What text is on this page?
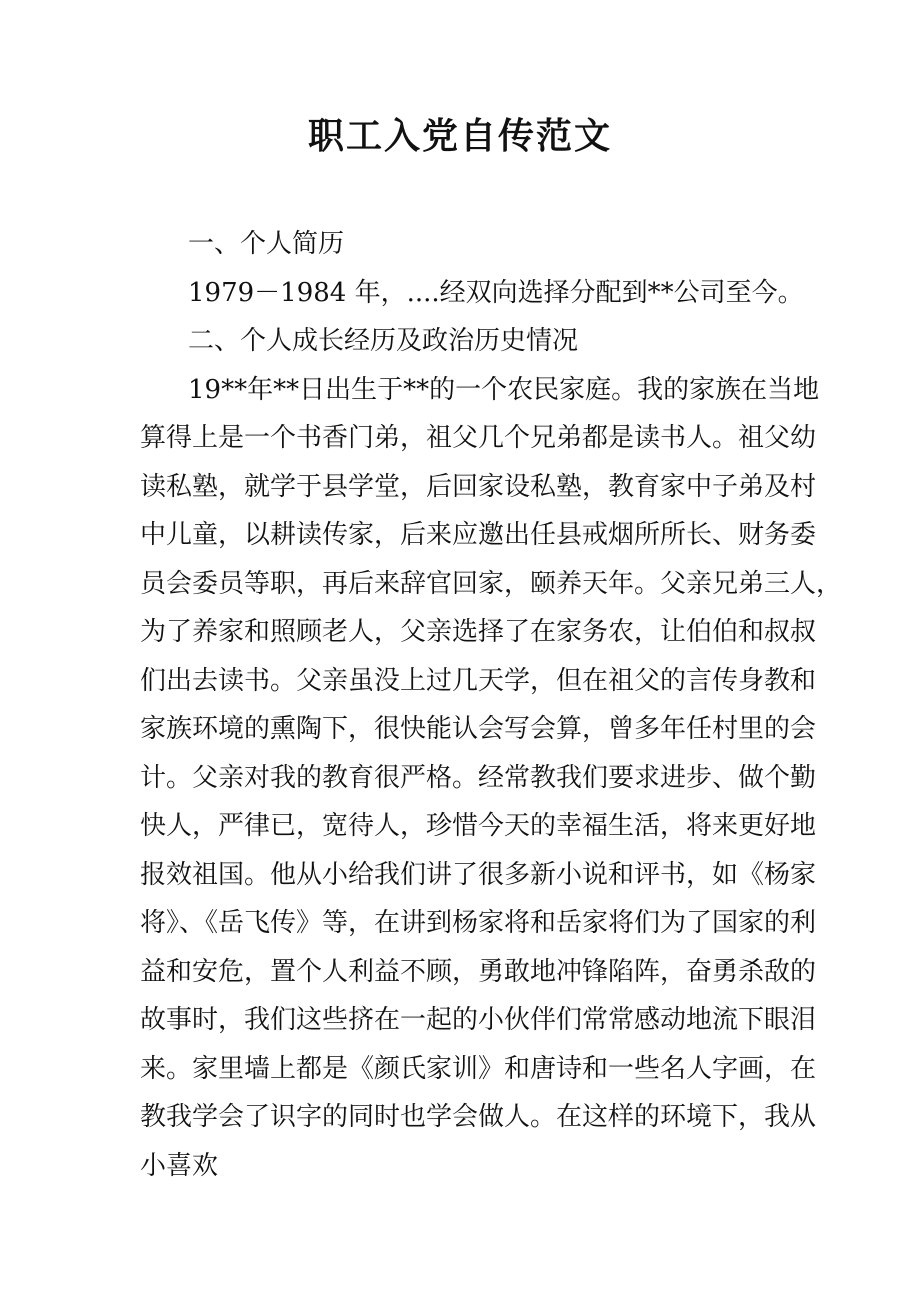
职工入党自传范文
一、个人简历
1979－1984 年，....经双向选择分配到**公司至今。
二、个人成长经历及政治历史情况
19**年**日出生于**的一个农民家庭。我的家族在当地
算得上是一个书香门弟，祖父几个兄弟都是读书人。祖父幼
读私塾，就学于县学堂，后回家设私塾，教育家中子弟及村
中儿童，以耕读传家，后来应邀出任县戒烟所所长、财务委
员会委员等职，再后来辞官回家，颐养天年。父亲兄弟三人，
为了养家和照顾老人，父亲选择了在家务农，让伯伯和叔叔
们出去读书。父亲虽没上过几天学，但在祖父的言传身教和
家族环境的熏陶下，很快能认会写会算，曾多年任村里的会
计。父亲对我的教育很严格。经常教我们要求进步、做个勤
快人，严律已，宽待人，珍惜今天的幸福生活，将来更好地
报效祖国。他从小给我们讲了很多新小说和评书，如《杨家
将》、《岳飞传》等，在讲到杨家将和岳家将们为了国家的利
益和安危，置个人利益不顾，勇敢地冲锋陷阵，奋勇杀敌的
故事时，我们这些挤在一起的小伙伴们常常感动地流下眼泪
来。家里墙上都是《颜氏家训》和唐诗和一些名人字画，在
教我学会了识字的同时也学会做人。在这样的环境下，我从
小喜欢
